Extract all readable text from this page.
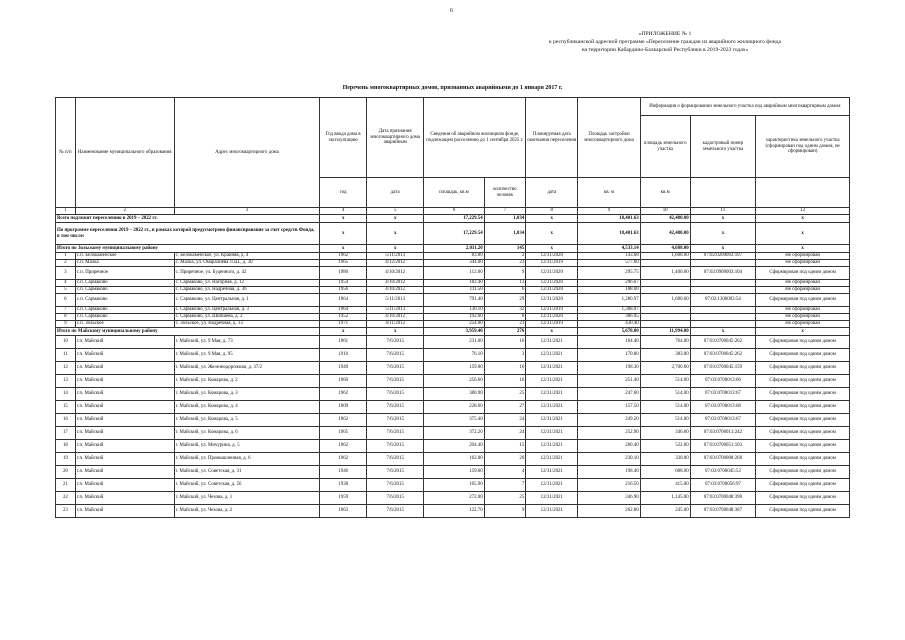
6
«ПРИЛОЖЕНИЕ № 1
к республиканской адресной программе «Переселение граждан из аварийного жилищного фонда
на территории Кабардино-Балкарской Республики в 2019-2023 годах»
Перечень многоквартирных домов, признанных аварийными до 1 января 2017 г.
№ п/п	Наименование муниципального образования	Адрес многоквартирного дома	Год ввода дома в эксплуатацию	Дата признания многоквартирного дома аварийным	Сведения об аварийном жилищном фонде, подлежащем расселению до 1 сентября 2025 г.		Планируемая дата окончания переселения	Площадь застройки многоквартирного дома	Информация о формировании земельного участка под аварийным многоквартирным домом		
									площадь земельного участка	кадастровый номер земельного участка	характеристика земельного участка (сформирован под одним домом, не сформирован)
			год	дата	площадь, кв.м	количество человек	дата	кв. м	кв.м		
1	2	3	4	5	6	7	8	9	10	11	12
Всего подлежит переселению в 2019 – 2022 гг.			x	x	17,229.54	1,034	x	18,401.63	42,480.00	x	x
По программе переселения 2019 – 2022 гг., в рамках которой предусмотрено финансирование за счет средств Фонда, в том числе:			x	x	17,229.54	1,034	x	18,401.63	42,480.00	x	x
Итого по Зольскому муниципальному району			x	x	2,011.20	145	x	4,533.14	4,688.00	x	x
1	с.п. Белокаменское	с. Белокаменское, ул. Крайняя, д. 4	1962	5/11/2013	83.80	2	12/31/2020	143.68	1,608.00	07:02:0200003:107	Не сформирован
2	с.п. Малка	с. Малка, ул. Омаралиева Л.Ш., д. 30	1965	4/12/2012	344.00	23	12/31/2019	577.60			Не сформирован
3	с.п. Приречное	с. Приречное, ул. Буденного, д. 42	1980	4/10/2012	112.00	9	12/31/2020	295.75	1,400.00	07:02:0900003:104	Сформирован под одним домом
4	с.п. Сармаково	с. Сармаково, ул. Нагорная, д. 12	1954	4/10/2012	182.40	13	12/31/2020	296.67			Не сформирован
5	с.п. Сармаково	с. Сармаково, ул. Надречная, д. 3б	1956	4/10/2012	111.50	6	12/31/2020	188.00			Не сформирован
6	с.п. Сармаково	с. Сармаково, ул. Центральная, д. 1	1964	5/11/2013	791.40	29	12/31/2020	1,280.97	1,680.00	07:02:1300003:54	Сформирован под одним домом
7	с.п. Сармаково	с. Сармаково, ул. Центральная, д. 3	1964	5/11/2013	130.10	32	12/31/2019	1,308.07			Не сформирован
8	с.п. Сармаково	с. Сармаково, ул. Шипшева, д. 2	1952	4/10/2012	192.00	8	12/31/2020	306.95			Не сформирован
9	с.п. Зольское	с. Зольское, ул. Надречная, д. 13	1971	4/11/2012	254.00	21	12/31/2019	430.40			Не сформирован
Итого по Майскому муниципальному району			x	x	3,959.40	276	x	5,678.00	11,994.00	x	x
10	г.п. Майский	г. Майский, ул. 9 Мая, д. 73	1961	7/6/2015	231.00	16	12/31/2021	164.40	764.00	07:03:0700045:262	Сформирован под одним домом
11	г.п. Майский	г. Майский, ул. 9 Мая, д. 95	1910	7/6/2015	76.10	3	12/31/2021	170.80	383.00	07:03:0700045:262	Сформирован под одним домом
12	г.п. Майский	г. Майский, ул. Железнодорожная, д. 37/2	1949	7/6/2015	159.00	16	12/31/2021	198.30	2,700.00	07:03:0700045:159	Сформирован под одним домом
13	г.п. Майский	г. Майский, ул. Комарова, д. 2	1960	7/6/2015	256.60	16	12/31/2021	251.40	514.00	07:03:0700013:66	Сформирован под одним домом
14	г.п. Майский	г. Майский, ул. Комарова, д. 3	1962	7/6/2015	380.90	25	12/31/2021	247.60	514.00	07:03:0700013:67	Сформирован под одним домом
15	г.п. Майский	г. Майский, ул. Комарова, д. 4	1909	7/6/2015	228.60	27	12/31/2021	157.50	514.00	07:03:0700013:68	Сформирован под одним домом
16	г.п. Майский	г. Майский, ул. Комарова, д. 5	1962	7/6/2015	375.40	24	12/31/2021	249.20	514.00	07:03:0700013:67	Сформирован под одним домом
17	г.п. Майский	г. Майский, ул. Комарова, д. 6	1965	7/6/2015	372.20	24	12/31/2021	252.90	346.00	07:03:0700013:242	Сформирован под одним домом
18	г.п. Майский	г. Майский, ул. Мичурина, д. 5	1962	7/6/2015	204.40	15	12/31/2021	260.40	522.00	07:03:0700051:103	Сформирован под одним домом
19	г.п. Майский	г. Майский, ул. Промышленная, д. 6	1962	7/6/2015	162.00	20	12/31/2021	230.10	330.00	07:03:0700008:268	Сформирован под одним домом
20	г.п. Майский	г. Майский, ул. Советская, д. 31	1946	7/6/2015	159.60	4	12/31/2021	198.40	688.00	07:03:0700045:53	Сформирован под одним домом
21	г.п. Майский	г. Майский, ул. Советская, д. 56	1938	7/6/2015	165.90	7	12/31/2021	216.50	415.00	07:03:0700056:97	Сформирован под одним домом
22	г.п. Майский	г. Майский, ул. Чехова, д. 1	1959	7/6/2015	272.00	25	12/31/2021	346.90	1,145.00	07:03:0700048:390	Сформирован под одним домом
23	г.п. Майский	г. Майский, ул. Чехова, д. 2	1963	7/6/2015	122.70	9	12/31/2021	262.80	245.00	07:03:0700048:387	Сформирован под одним домом
